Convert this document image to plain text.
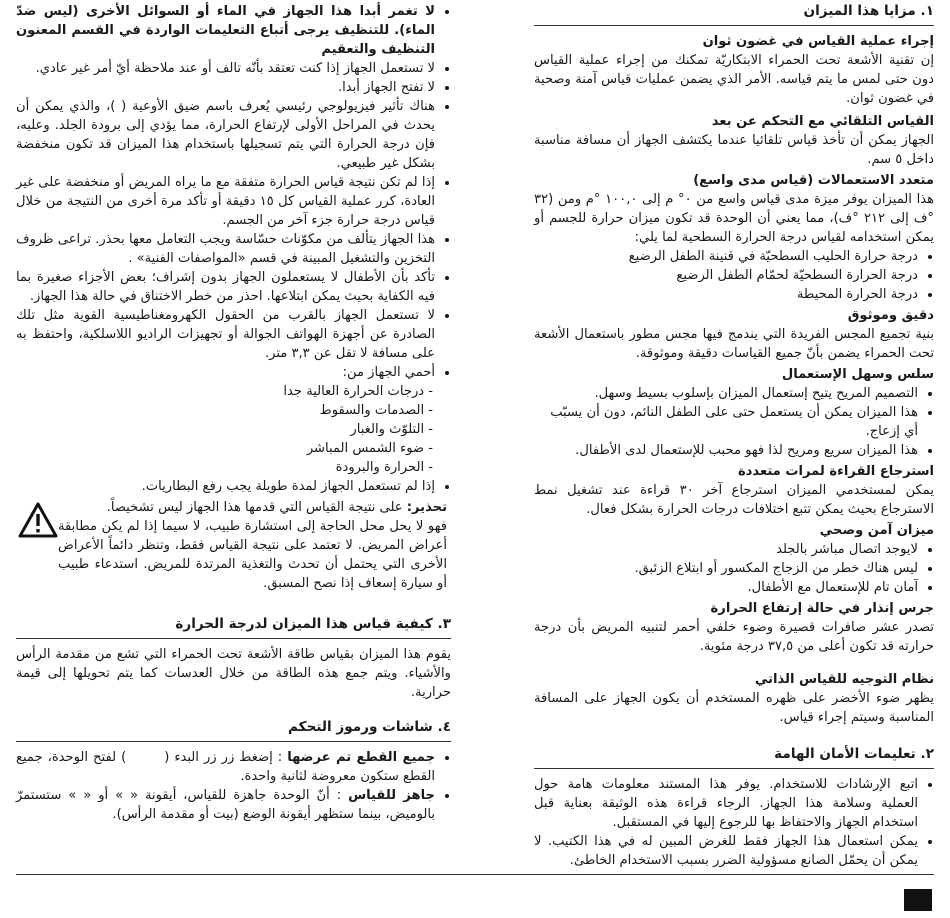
١. مزايا هذا الميزان
إجراء عملية القياس في غضون ثوان
إن تقنية الأشعة تحت الحمراء الابتكاريّة تمكنك من إجراء عملية القياس دون حتى لمس ما يتم قياسه. الأمر الذي يضمن عمليات قياس آمنة وصحية في غضون ثوان.
القياس التلقائي مع التحكم عن بعد
الجهاز يمكن أن تأخذ قياس تلقائيا عندما يكتشف الجهاز أن مسافة مناسبة داخل ٥ سم.
متعدد الاستعمالات (قياس مدى واسع)
هذا الميزان يوفر ميزة مدى قياس واسع من ٠° م إلى ١٠٠,٠ °م ومن (٣٢ °ف إلى ٢١٢ °ف)، مما يعني أن الوحدة قد تكون ميزان حرارة للجسم أو يمكن استخدامه لقياس درجة الحرارة السطحية لما يلي:
• درجة حرارة الحليب السطحيّة في قنينة الطفل الرضيع
• درجة الحرارة السطحيّة لحمّام الطفل الرضيع
• درجة الحرارة المحيطة
دقيق وموثوق
بنية تجميع المجس الفريدة التي يندمج فيها مجس مطور باستعمال الأشعة تحت الحمراء يضمن بأنّ جميع القياسات دقيقة وموثوقة.
سلس وسهل الإستعمال
• التصميم المريح يتيح إستعمال الميزان بإسلوب بسيط وسهل.
• هذا الميزان يمكن أن يستعمل حتى على الطفل النائم، دون أن يسبّب أي إزعاج.
• هذا الميزان سريع ومريح لذا فهو محبب للإستعمال لدى الأطفال.
استرجاع القراءة لمرات متعددة
يمكن لمستخدمي الميزان استرجاع آخر ٣٠ قراءة عند تشغيل نمط الاسترجاع بحيث يمكن تتبع اختلافات درجات الحرارة بشكل فعال.
ميزان آمن وصحي
• لايوجد اتصال مباشر بالجلد
• ليس هناك خطر من الزجاج المكسور أو ابتلاع الزئبق.
• آمان تام للإستعمال مع الأطفال.
جرس إنذار في حالة إرتفاع الحرارة
تصدر عشر صافرات قصيرة وضوء خلفي أحمر لتنبيه المريض بأن درجة حرارته قد تكون أعلى من ٣٧,٥ درجة مئوية.
نظام التوجيه للقياس الذاتي
يظهر ضوء الأخضر على ظهره المستخدم أن يكون الجهاز على المسافة المناسبة وسيتم إجراء قياس.
٢. تعليمات الأمان الهامة
• اتبع الإرشادات للاستخدام. يوفر هذا المستند معلومات هامة حول العملية وسلامة هذا الجهاز. الرجاء قراءة هذه الوثيقة بعناية قبل استخدام الجهاز والاحتفاظ بها للرجوع إليها في المستقبل.
• يمكن استعمال هذا الجهاز فقط للغرض المبين له في هذا الكتيب. لا يمكن أن يحمّل الصانع مسؤولية الضرر بسبب الاستخدام الخاطئ.
• لا تغمر أبدا هذا الجهاز في الماء أو السوائل الأخرى (ليس ضدّ الماء). للتنظيف يرجى أتباع التعليمات الواردة في القسم المعنون التنظيف والتعقيم
• لا تستعمل الجهاز إذا كنت تعتقد بأنّه تالف أو عند ملاحظة أيّ أمر غير عادي.
• لا تفتح الجهاز أبدا.
• هناك تأثير فيزيولوجي رئيسي يُعرف باسم ضيق الأوعية ( )، والذي يمكن أن يحدث في المراحل الأولى لإرتفاع الحرارة، مما يؤدي إلى برودة الجلد. وعليه، فإن درجة الحرارة التي يتم تسجيلها باستخدام هذا الميزان قد تكون منخفضة بشكل غير طبيعي.
• إذا لم تكن نتيجة قياس الحرارة متفقة مع ما يراه المريض أو منخفضة على غير العادة، كرر عملية القياس كل ١٥ دقيقة أو تأكد مرة أخرى من النتيجة من خلال قياس درجة حرارة جزء آخر من الجسم.
• هذا الجهاز يتألف من مكوّنات حسّاسة ويجب التعامل معها بحذر. تراعى ظروف التخزين والتشغيل المبينة في قسم «المواصفات الفنية» .
• تأكد بأن الأطفال لا يستعملون الجهاز بدون إشراف؛ بعض الأجزاء صغيرة بما فيه الكفاية بحيث يمكن ابتلاعها. احذر من خطر الاختناق في حالة هذا الجهاز.
• لا تستعمل الجهاز بالقرب من الحقول الكهرومغناطيسية القوية مثل تلك الصادرة عن أجهزة الهواتف الجوالة أو تجهيزات الراديو اللاسلكية، واحتفظ به على مسافة لا تقل عن ٣,٣ متر.
• أحمي الجهاز من:
- درجات الحرارة العالية جدا
- الصدمات والسقوط
- التلوّث والغبار
- ضوء الشمس المباشر
- الحرارة والبرودة
• إذا لم تستعمل الجهاز لمدة طويلة يجب رفع البطاريات.
تحذير: على نتيجة القياس التي قدمها هذا الجهاز ليس تشخيصاً.
فهو لا يحل محل الحاجة إلى استشارة طبيب، لا سيما إذا لم يكن مطابقة أعراض المريض. لا تعتمد على نتيجة القياس فقط، وتنظر دائماً الأعراض الأخرى التي يحتمل أن تحدث والتغذية المرتدة للمريض. استدعاء طبيب أو سيارة إسعاف إذا نصح المسبق.
٣. كيفية قياس هذا الميزان لدرجة الحرارة
يقوم هذا الميزان بقياس طاقة الأشعة تحت الحمراء التي تشع من مقدمة الرأس والأشياء. ويتم جمع هذه الطاقة من خلال العدسات كما يتم تحويلها إلى قيمة حرارية.
٤. شاشات ورموز التحكم
• جميع القطع تم عرضها : إضغط زر زر البدء () لفتح الوحدة، جميع القطع ستكون معروضة لثانية واحدة.
• جاهز للقياس : أنّ الوحدة جاهزة للقياس، أيقونة « » أو « » ستستمرّ بالوميض، بينما ستظهر أيقونة الوضع (بيت أو مقدمة الرأس).
